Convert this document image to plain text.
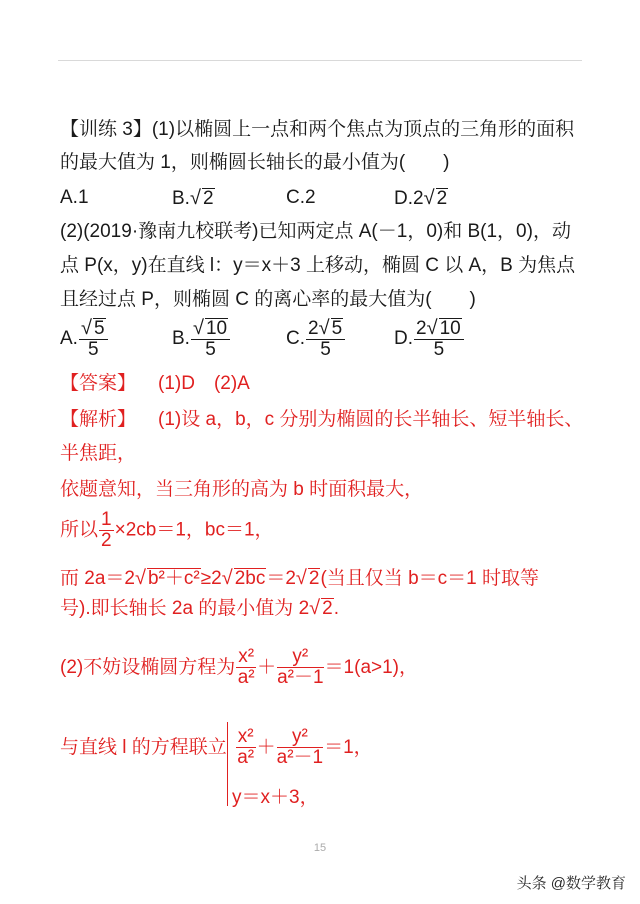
【训练 3】(1)以椭圆上一点和两个焦点为顶点的三角形的面积
的最大值为 1，则椭圆长轴长的最小值为(　　)
A.1	B.√ 2	C.2	D.2√ 2
(2)(2019·豫南九校联考)已知两定点 A(－1，0)和 B(1，0)，动
点 P(x，y)在直线 l：y＝x＋3 上移动，椭圆 C 以 A，B 为焦点
且经过点 P，则椭圆 C 的离心率的最大值为(　　)
A. $\frac{√ 5}{5}$	B. $\frac{√ 10}{5}$	C. $\frac{2√ 5}{5}$	D. $\frac{2√ 10}{5}$
【答案】 (1)D　(2)A
【解析】 (1)设 a，b，c 分别为椭圆的长半轴长、短半轴长、
半焦距，
依题意知，当三角形的高为 b 时面积最大，
所以 $\frac{1}{2} \times 2cb=1$，bc＝1，
而 2a＝2√ b²＋c²≥2√ 2bc＝2√ 2(当且仅当 b＝c＝1 时取等
号).即长轴长 2a 的最小值为 2√ 2.
(2)不妨设椭圆方程为 $\frac{\text{x²}}{\text{a²}} + \frac{\text{y²}}{\text{a²－1}} =1(a>1)$，
与直线 l 的方程联立 $\frac{\text{x²}}{\text{a²}} + \frac{\text{y²}}{\text{a²－1}} =1$，
y＝x＋3，
15
头条 @数学教育
